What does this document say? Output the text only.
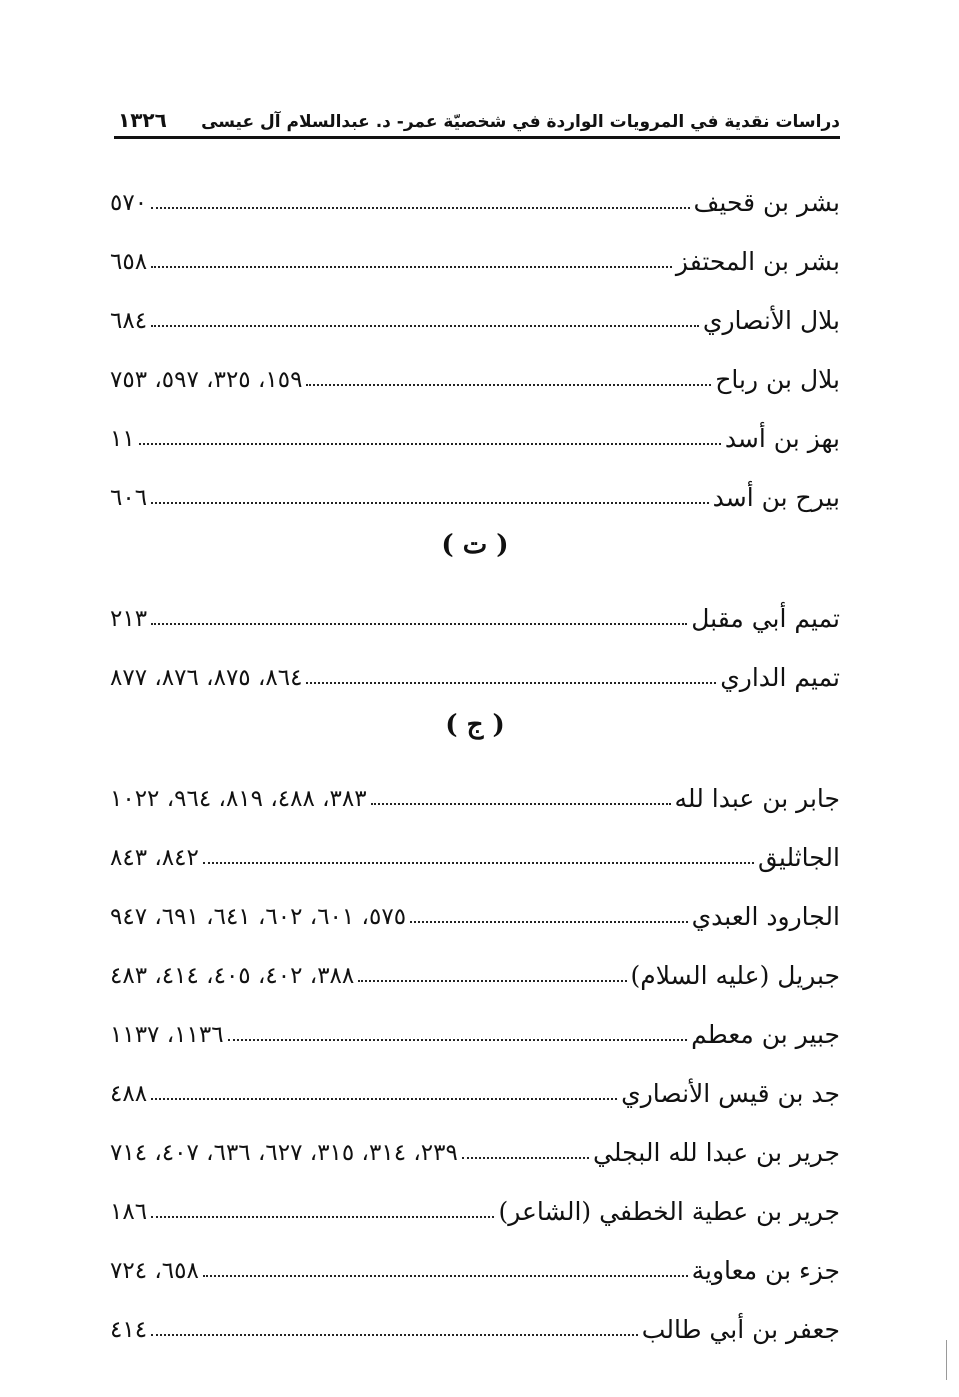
دراسات نقدية في المرويات الواردة في شخصيّة عمر- د. عبدالسلام آل عيسى
١٣٢٦
بشر بن قحيف
٥٧٠
بشر بن المحتفز
٦٥٨
بلال الأنصاري
٦٨٤
بلال بن رباح
١٥٩، ٣٢٥، ٥٩٧، ٧٥٣
بهز بن أسد
١١
بيرح بن أسد
٦٠٦
( ت )
تميم أبي مقبل
٢١٣
تميم الداري
٨٦٤، ٨٧٥، ٨٧٦، ٨٧٧
( ج )
جابر بن عبدا لله
٣٨٣، ٤٨٨، ٨١٩، ٩٦٤، ١٠٢٢
الجاثليق
٨٤٢، ٨٤٣
الجارود العبدي
٥٧٥، ٦٠١، ٦٠٢، ٦٤١، ٦٩١، ٩٤٧
جبريل (عليه السلام)
٣٨٨، ٤٠٢، ٤٠٥، ٤١٤، ٤٨٣
جبير بن معطم
١١٣٦، ١١٣٧
جد بن قيس الأنصاري
٤٨٨
جرير بن عبدا لله البجلي
٢٣٩، ٣١٤، ٣١٥، ٦٢٧، ٦٣٦، ٤٠٧، ٧١٤
جرير بن عطية الخطفي (الشاعر)
١٨٦
جزء بن معاوية
٦٥٨، ٧٢٤
جعفر بن أبي طالب
٤١٤
